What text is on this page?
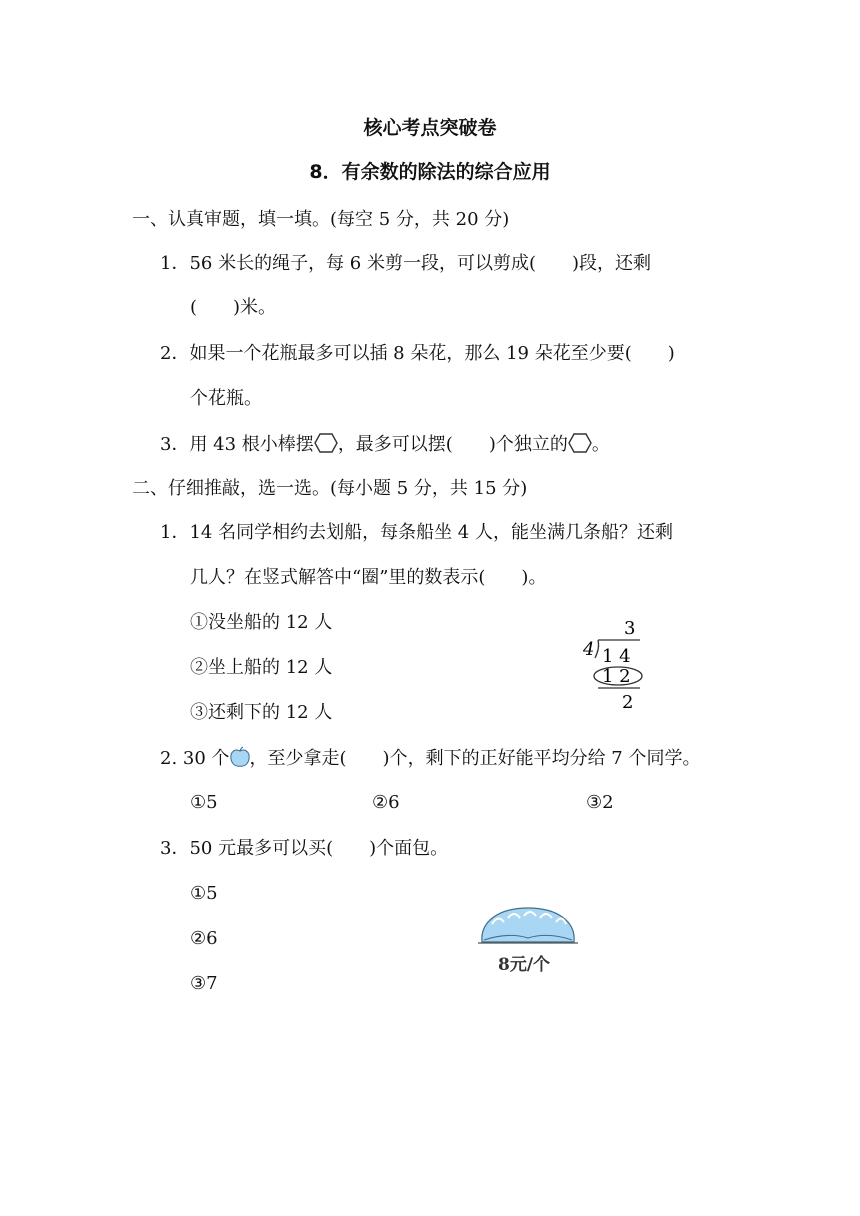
核心考点突破卷
8．有余数的除法的综合应用
一、认真审题，填一填。(每空 5 分，共 20 分)
1．56 米长的绳子，每 6 米剪一段，可以剪成(　　)段，还剩
(　　)米。
2．如果一个花瓶最多可以插 8 朵花，那么 19 朵花至少要(　　)
个花瓶。
3．用 43 根小棒摆 ，最多可以摆(　　)个独立的 。
二、仔细推敲，选一选。(每小题 5 分，共 15 分)
1．14 名同学相约去划船，每条船坐 4 人，能坐满几条船？还剩
几人？在竖式解答中“圈”里的数表示(　　)。
①没坐船的 12 人
②坐上船的 12 人
③还剩下的 12 人
3
4 1 4
1 2
2
2. 30 个 ，至少拿走(　　)个，剩下的正好能平均分给 7 个同学。
①5	②6	③2
3．50 元最多可以买(　　)个面包。
①5
②6
③7
8元/个
